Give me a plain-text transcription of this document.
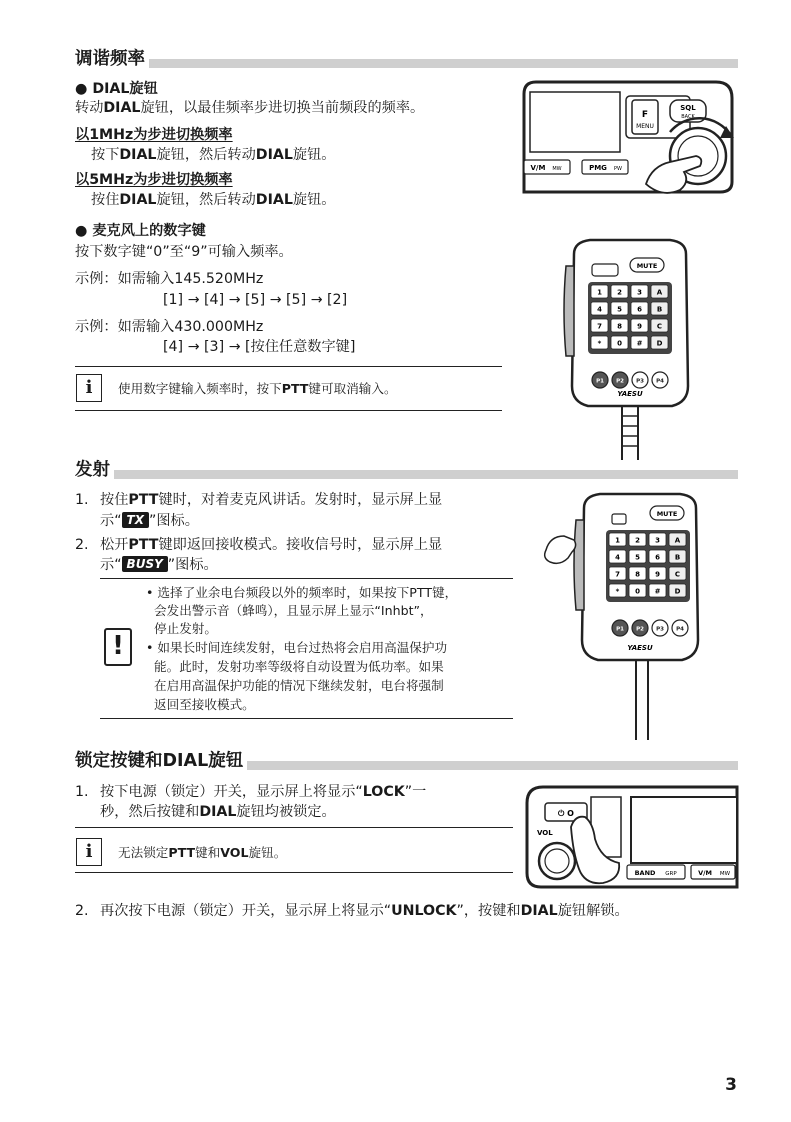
调谐频率
● DIAL旋钮
转动DIAL旋钮，以最佳频率步进切换当前频段的频率。
以1MHz为步进切换频率
按下DIAL旋钮，然后转动DIAL旋钮。
以5MHz为步进切换频率
按住DIAL旋钮，然后转动DIAL旋钮。
● 麦克风上的数字键
按下数字键“0”至“9”可输入频率。
示例：如需输入145.520MHz
[1] → [4] → [5] → [5] → [2]
示例：如需输入430.000MHz
[4] → [3] → [按住任意数字键]
i	使用数字键输入频率时，按下PTT键可取消输入。
F
MENU
SQL
BACK
V/M MW	PMG PW
MUTE
1 2 3 A
4 5 6 B
7 8 9 C
* 0 # D
P1 P2 P3 P4
YAESU
发射
1. 按住PTT键时，对着麦克风讲话。发射时，显示屏上显
示“ TX ”图标。
2. 松开PTT键即返回接收模式。接收信号时，显示屏上显
示“ BUSY ”图标。
!
• 选择了业余电台频段以外的频率时，如果按下PTT键，
会发出警示音（蜂鸣），且显示屏上显示“Inhbt”，
停止发射。
• 如果长时间连续发射，电台过热将会启用高温保护功
能。此时，发射功率等级将自动设置为低功率。如果
在启用高温保护功能的情况下继续发射，电台将强制
返回至接收模式。
MUTE
1 2 3 A
4 5 6 B
7 8 9 C
* 0 # D
P1 P2 P3 P4
YAESU
锁定按键和DIAL旋钮
1. 按下电源（锁定）开关，显示屏上将显示“LOCK”一
秒，然后按键和DIAL旋钮均被锁定。
i	无法锁定PTT键和VOL旋钮。
⏻ O
VOL
BAND GRP	V/M MW
2. 再次按下电源（锁定）开关，显示屏上将显示“UNLOCK”，按键和DIAL旋钮解锁。
3
